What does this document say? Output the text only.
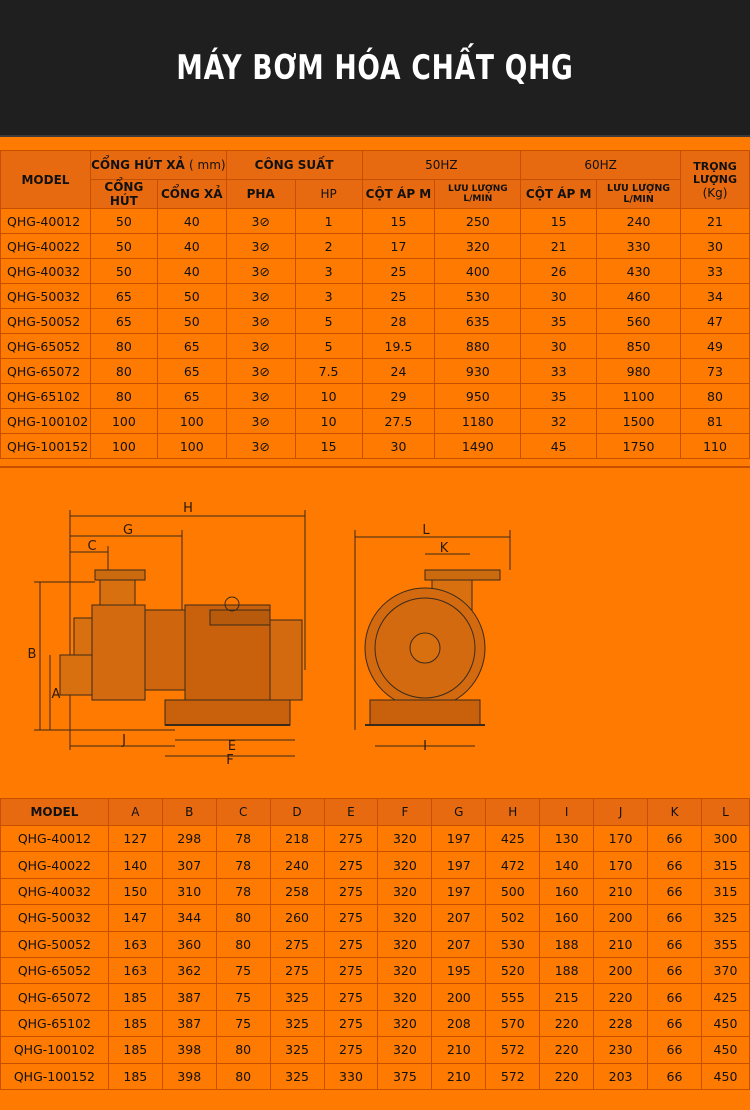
MÁY BƠM HÓA CHẤT QHG
MODEL	CỔNG HÚT XẢ ( mm)		CÔNG SUẤT		50HZ		60HZ		TRỌNG LƯỢNG
(Kg)

	CỔNG HÚT	CỔNG XẢ	PHA	HP	CỘT ÁP M	LƯU LƯỢNG L/MIN	CỘT ÁP M	LƯU LƯỢNG L/MIN	
QHG-40012	50	40	3⊘	1	15	250	15	240	21
QHG-40022	50	40	3⊘	2	17	320	21	330	30
QHG-40032	50	40	3⊘	3	25	400	26	430	33
QHG-50032	65	50	3⊘	3	25	530	30	460	34
QHG-50052	65	50	3⊘	5	28	635	35	560	47
QHG-65052	80	65	3⊘	5	19.5	880	30	850	49
QHG-65072	80	65	3⊘	7.5	24	930	33	980	73
QHG-65102	80	65	3⊘	10	29	950	35	1100	80
QHG-100102	100	100	3⊘	10	27.5	1180	32	1500	81
QHG-100152	100	100	3⊘	15	30	1490	45	1750	110
H
G
C
B
A
J	E
F
L
K
I
MODEL	A	B	C	D	E	F	G	H	I	J	K	L
QHG-40012	127	298	78	218	275	320	197	425	130	170	66	300
QHG-40022	140	307	78	240	275	320	197	472	140	170	66	315
QHG-40032	150	310	78	258	275	320	197	500	160	210	66	315
QHG-50032	147	344	80	260	275	320	207	502	160	200	66	325
QHG-50052	163	360	80	275	275	320	207	530	188	210	66	355
QHG-65052	163	362	75	275	275	320	195	520	188	200	66	370
QHG-65072	185	387	75	325	275	320	200	555	215	220	66	425
QHG-65102	185	387	75	325	275	320	208	570	220	228	66	450
QHG-100102	185	398	80	325	275	320	210	572	220	230	66	450
QHG-100152	185	398	80	325	330	375	210	572	220	203	66	450
